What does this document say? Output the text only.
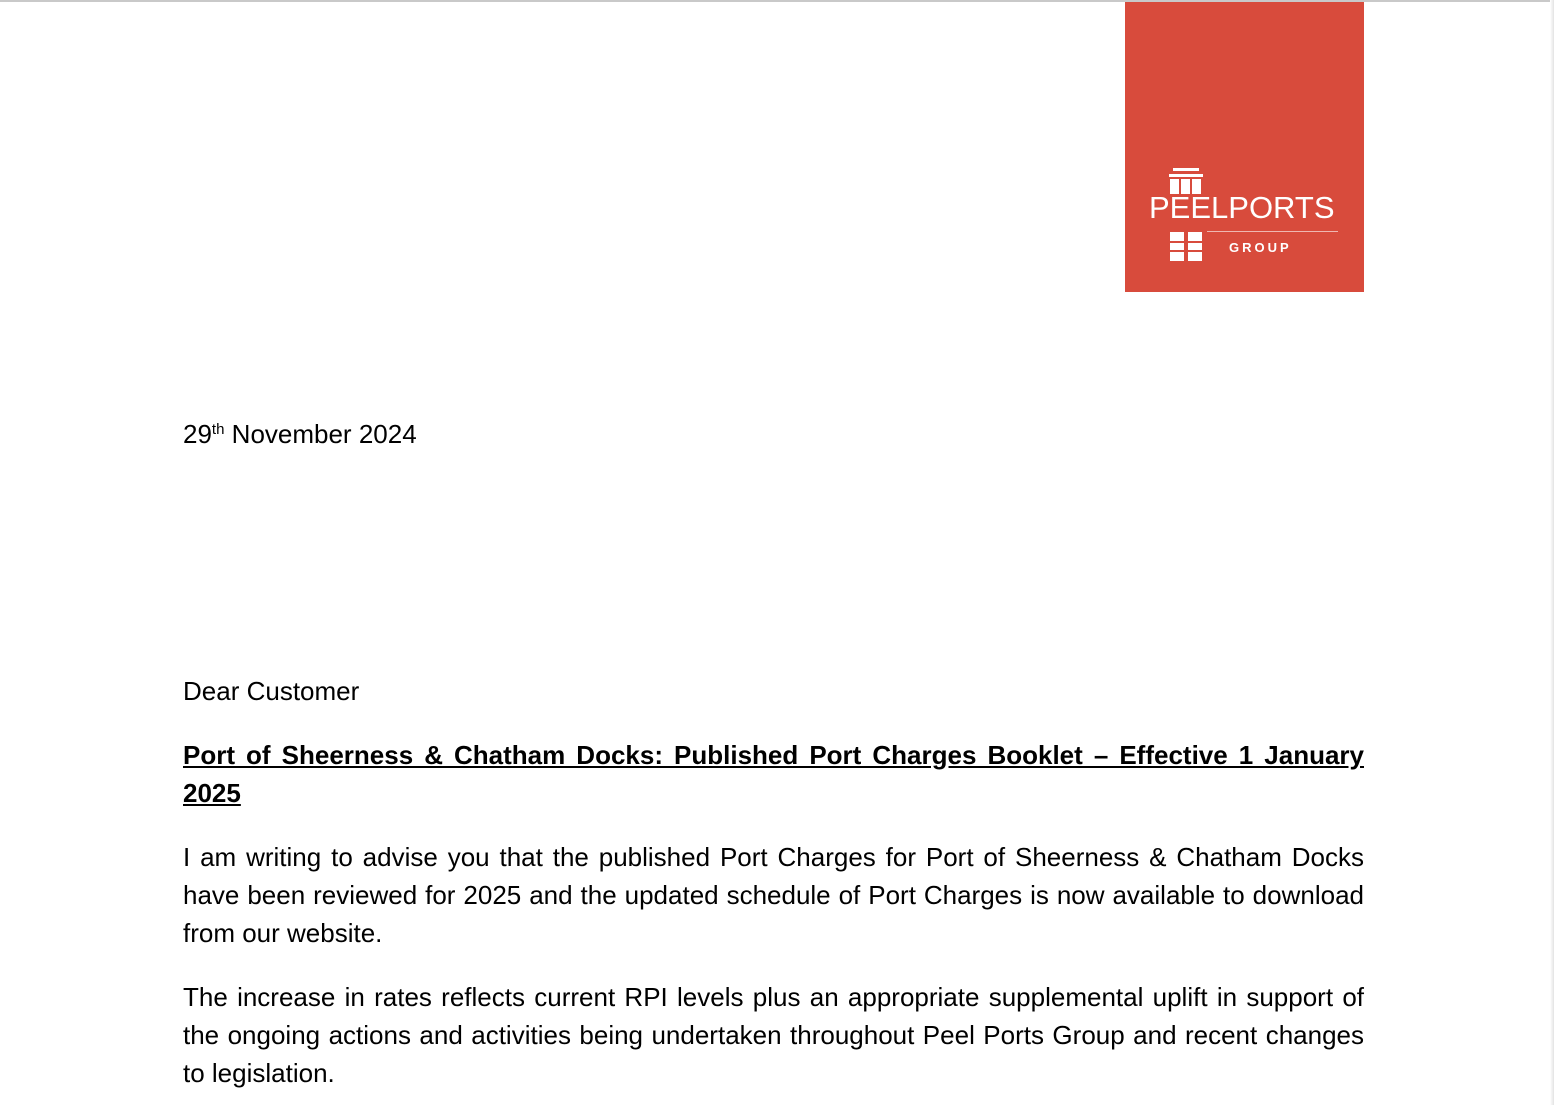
PEELPORTS
GROUP
29th November 2024
Dear Customer
Port of Sheerness & Chatham Docks: Published Port Charges Booklet – Effective 1 January 2025
I am writing to advise you that the published Port Charges for Port of Sheerness & Chatham Docks have been reviewed for 2025 and the updated schedule of Port Charges is now available to download from our website.
The increase in rates reflects current RPI levels plus an appropriate supplemental uplift in support of the ongoing actions and activities being undertaken throughout Peel Ports Group and recent changes to legislation.
